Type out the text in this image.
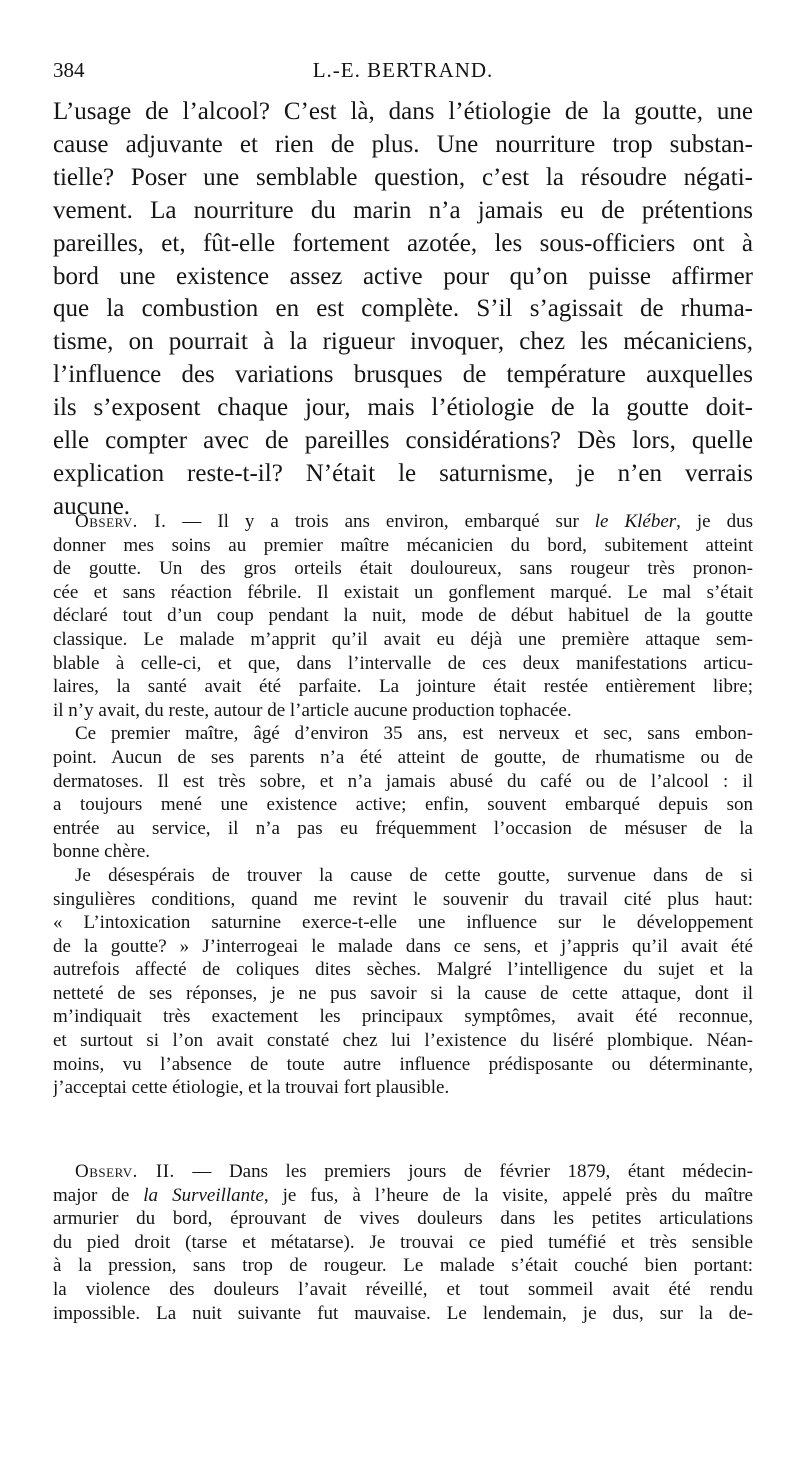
384	L.-E. BERTRAND.
L’usage de l’alcool? C’est là, dans l’étiologie de la goutte, une
cause adjuvante et rien de plus. Une nourriture trop substan-
tielle? Poser une semblable question, c’est la résoudre négati-
vement. La nourriture du marin n’a jamais eu de prétentions
pareilles, et, fût-elle fortement azotée, les sous-officiers ont à
bord une existence assez active pour qu’on puisse affirmer
que la combustion en est complète. S’il s’agissait de rhuma-
tisme, on pourrait à la rigueur invoquer, chez les mécaniciens,
l’influence des variations brusques de température auxquelles
ils s’exposent chaque jour, mais l’étiologie de la goutte doit-
elle compter avec de pareilles considérations? Dès lors, quelle
explication reste-t-il? N’était le saturnisme, je n’en verrais
aucune.
Observ. I. — Il y a trois ans environ, embarqué sur le Kléber, je dus
donner mes soins au premier maître mécanicien du bord, subitement atteint
de goutte. Un des gros orteils était douloureux, sans rougeur très pronon-
cée et sans réaction fébrile. Il existait un gonflement marqué. Le mal s’était
déclaré tout d’un coup pendant la nuit, mode de début habituel de la goutte
classique. Le malade m’apprit qu’il avait eu déjà une première attaque sem-
blable à celle-ci, et que, dans l’intervalle de ces deux manifestations articu-
laires, la santé avait été parfaite. La jointure était restée entièrement libre;
il n’y avait, du reste, autour de l’article aucune production tophacée.
Ce premier maître, âgé d’environ 35 ans, est nerveux et sec, sans embon-
point. Aucun de ses parents n’a été atteint de goutte, de rhumatisme ou de
dermatoses. Il est très sobre, et n’a jamais abusé du café ou de l’alcool : il
a toujours mené une existence active; enfin, souvent embarqué depuis son
entrée au service, il n’a pas eu fréquemment l’occasion de mésuser de la
bonne chère.
Je désespérais de trouver la cause de cette goutte, survenue dans de si
singulières conditions, quand me revint le souvenir du travail cité plus haut:
« L’intoxication saturnine exerce-t-elle une influence sur le développement
de la goutte? » J’interrogeai le malade dans ce sens, et j’appris qu’il avait été
autrefois affecté de coliques dites sèches. Malgré l’intelligence du sujet et la
netteté de ses réponses, je ne pus savoir si la cause de cette attaque, dont il
m’indiquait très exactement les principaux symptômes, avait été reconnue,
et surtout si l’on avait constaté chez lui l’existence du liséré plombique. Néan-
moins, vu l’absence de toute autre influence prédisposante ou déterminante,
j’acceptai cette étiologie, et la trouvai fort plausible.
Observ. II. — Dans les premiers jours de février 1879, étant médecin-
major de la Surveillante, je fus, à l’heure de la visite, appelé près du maître
armurier du bord, éprouvant de vives douleurs dans les petites articulations
du pied droit (tarse et métatarse). Je trouvai ce pied tuméfié et très sensible
à la pression, sans trop de rougeur. Le malade s’était couché bien portant:
la violence des douleurs l’avait réveillé, et tout sommeil avait été rendu
impossible. La nuit suivante fut mauvaise. Le lendemain, je dus, sur la de-
